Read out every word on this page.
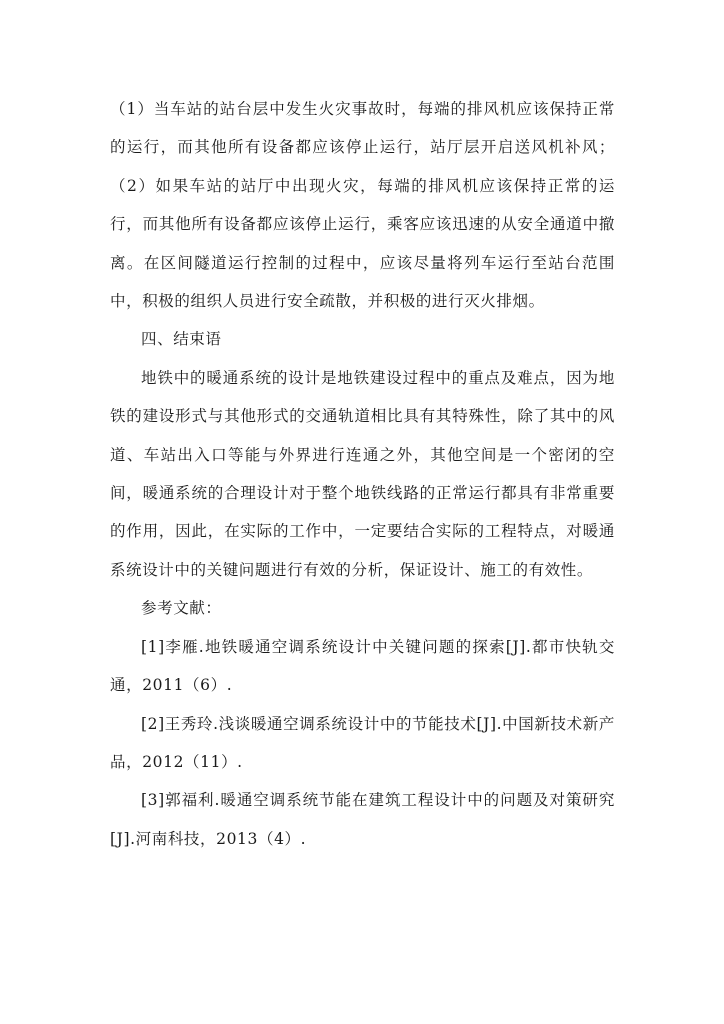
（1）当车站的站台层中发生火灾事故时，每端的排风机应该保持正常的运行，而其他所有设备都应该停止运行，站厅层开启送风机补风；（2）如果车站的站厅中出现火灾，每端的排风机应该保持正常的运行，而其他所有设备都应该停止运行，乘客应该迅速的从安全通道中撤离。在区间隧道运行控制的过程中，应该尽量将列车运行至站台范围中，积极的组织人员进行安全疏散，并积极的进行灭火排烟。

四、结束语

地铁中的暖通系统的设计是地铁建设过程中的重点及难点，因为地铁的建设形式与其他形式的交通轨道相比具有其特殊性，除了其中的风道、车站出入口等能与外界进行连通之外，其他空间是一个密闭的空间，暖通系统的合理设计对于整个地铁线路的正常运行都具有非常重要的作用，因此，在实际的工作中，一定要结合实际的工程特点，对暖通系统设计中的关键问题进行有效的分析，保证设计、施工的有效性。

参考文献：

[1]李雁.地铁暖通空调系统设计中关键问题的探索[J].都市快轨交通，2011（6）.

[2]王秀玲.浅谈暖通空调系统设计中的节能技术[J].中国新技术新产品，2012（11）.

[3]郭福利.暖通空调系统节能在建筑工程设计中的问题及对策研究[J].河南科技，2013（4）.
